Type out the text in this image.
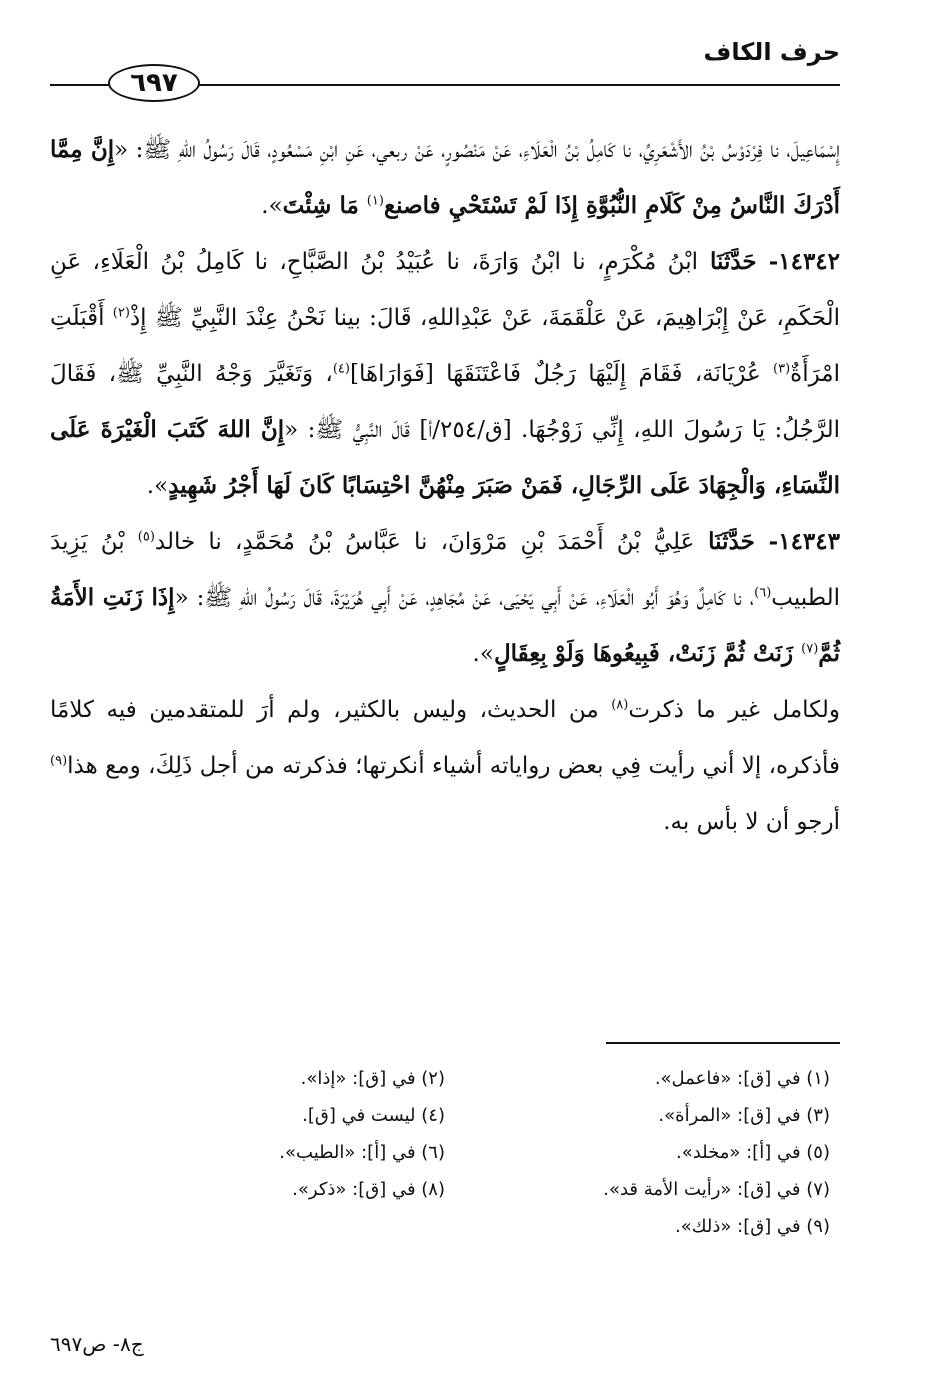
حرف الكاف
٦٩٧

إِسْمَاعِيلَ، نا فِرْدَوْسُ بْنُ الأَشْعَرِيِّ، نا كَامِلُ بْنُ الْعَلَاءِ، عَنْ مَنْصُورٍ، عَنْ ربعي، عَنِ ابْنِ مَسْعُودٍ، قَالَ رَسُولُ اللهِ ﷺ: «إِنَّ مِمَّا أَدْرَكَ النَّاسُ مِنْ كَلَامِ النُّبُوَّةِ إِذَا لَمْ تَسْتَحْيِ فاصنع$^{(١)}$ مَا شِئْتَ».

١٤٣٤٢- حَدَّثَنَا ابْنُ مُكْرَمٍ، نا ابْنُ وَارَةَ، نا عُبَيْدُ بْنُ الصَّبَّاحِ، نا كَامِلُ بْنُ الْعَلَاءِ، عَنِ الْحَكَمِ، عَنْ إِبْرَاهِيمَ، عَنْ عَلْقَمَةَ، عَنْ عَبْدِاللهِ، قَالَ: بينا نَحْنُ عِنْدَ النَّبِيِّ ﷺ إِذْ$^{(٢)}$ أَقْبَلَتِ امْرَأَةٌ$^{(٣)}$ عُرْيَانَة، فَقَامَ إِلَيْهَا رَجُلٌ فَاعْتَنَقَهَا [فَوَارَاهَا]$^{(٤)}$، وَتَغَيَّرَ وَجْهُ النَّبِيِّ ﷺ، فَقَالَ الرَّجُلُ: يَا رَسُولَ اللهِ، إِنِّي زَوْجُهَا. [ق/٢٥٤/أ] قَالَ النَّبِيُّ ﷺ: «إِنَّ اللهَ كَتَبَ الْغَيْرَةَ عَلَى النِّسَاءِ، وَالْجِهَادَ عَلَى الرِّجَالِ، فَمَنْ صَبَرَ مِنْهُنَّ احْتِسَابًا كَانَ لَهَا أَجْرُ شَهِيدٍ».

١٤٣٤٣- حَدَّثَنَا عَلِيُّ بْنُ أَحْمَدَ بْنِ مَرْوَانَ، نا عَبَّاسُ بْنُ مُحَمَّدٍ، نا خالد$^{(٥)}$ بْنُ يَزِيدَ الطبيب$^{(٦)}$، نا كَامِلٌ وَهُوَ أَبُو الْعَلَاءِ، عَنْ أَبِي يَحْيَى، عَنْ مُجَاهِدٍ، عَنْ أَبِي هُرَيْرَةَ، قَالَ رَسُولُ اللهِ ﷺ: «إِذَا زَنَتِ الأَمَةُ ثُمَّ$^{(٧)}$ زَنَتْ ثُمَّ زَنَتْ، فَبِيعُوهَا وَلَوْ بِعِقَالٍ».

ولكامل غير ما ذكرت$^{(٨)}$ من الحديث، وليس بالكثير، ولم أرَ للمتقدمين فيه كلامًا فأذكره، إلا أني رأيت فِي بعض رواياته أشياء أنكرتها؛ فذكرته من أجل ذَلِكَ، ومع هذا$^{(٩)}$ أرجو أن لا بأس به.

(١) في [ق]: «فاعمل».
(٢) في [ق]: «إذا».
(٣) في [ق]: «المرأة».
(٤) ليست في [ق].
(٥) في [أ]: «مخلد».
(٦) في [أ]: «الطيب».
(٧) في [ق]: «رأيت الأمة قد».
(٨) في [ق]: «ذكر».
(٩) في [ق]: «ذلك».
ج٨- ص٦٩٧
